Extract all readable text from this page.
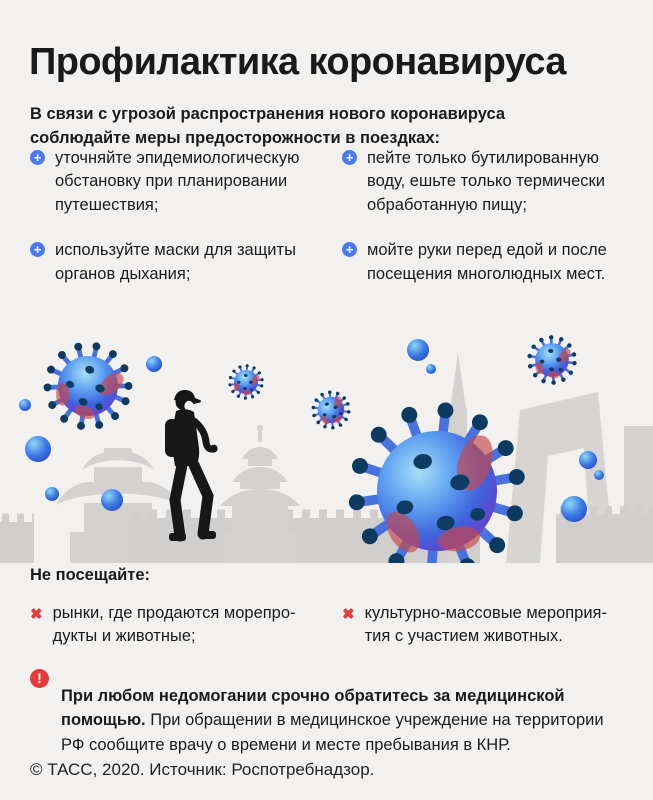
Профилактика коронавируса

В связи с угрозой распространения нового коронавируса соблюдайте меры предосторожности в поездках:

+ уточняйте эпидемиологическую обстановку при планировании путешествия;
+ используйте маски для защиты органов дыхания;
+ пейте только бутилированную воду, ешьте только термически обработанную пищу;
+ мойте руки перед едой и после посещения многолюдных мест.
Не посещайте:
✖ рынки, где продаются морепродукты и животные;
✖ культурно-массовые мероприятия с участием животных.
!

При любом недомогании срочно обратитесь за медицинской помощью. При обращении в медицинское учреждение на территории РФ сообщите врачу о времени и месте пребывания в КНР.

© ТАСС, 2020. Источник: Роспотребнадзор.
